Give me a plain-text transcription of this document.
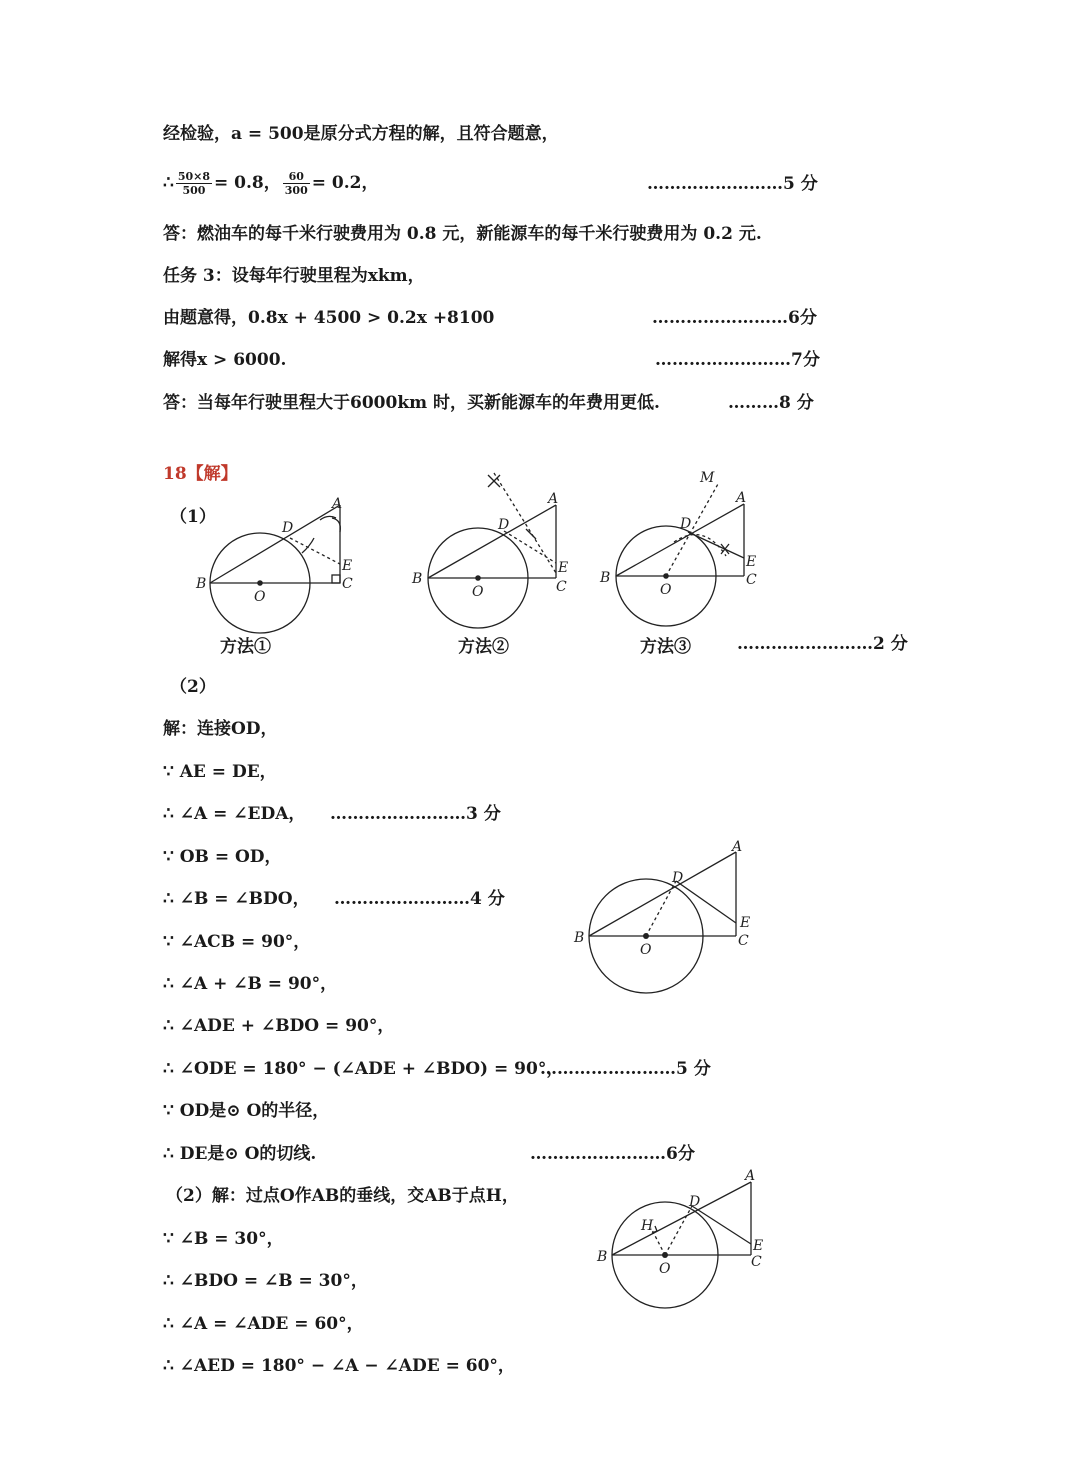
经检验，a = 500是原分式方程的解，且符合题意，
∴ $\frac{50\times 8}{500} = 0.8$， $\frac{60}{300} = 0.2$，	……………………5 分
答：燃油车的每千米行驶费用为 0.8 元，新能源车的每千米行驶费用为 0.2 元.
任务 3：设每年行驶里程为xkm，
由题意得，0.8x + 4500 > 0.2x +8100	……………………6分
解得x > 6000.	……………………7分
答：当每年行驶里程大于6000km 时，买新能源车的年费用更低.	………8 分
18【解】
（1）
B
O
D
A
E
C
方法①
B
O
D
A
E
C
方法②
B
O
D
A
M
E
C
方法③	……………………2 分
（2）
解：连接OD，
∵ AE = DE，
∴ ∠A = ∠EDA， ……………………3 分
∵ OB = OD，
∴ ∠B = ∠BDO， ……………………4 分
∵ ∠ACB = 90°，
∴ ∠A + ∠B = 90°，
∴ ∠ADE + ∠BDO = 90°，
∴ ∠ODE = 180° − (∠ADE + ∠BDO) = 90°，
……………………5 分
∵ OD是⊙ O的半径，
∴ DE是⊙ O的切线.	……………………6分
（2）解：过点O作AB的垂线，交AB于点H，
∵ ∠B = 30°，
∴ ∠BDO = ∠B = 30°，
∴ ∠A = ∠ADE = 60°，
∴ ∠AED = 180° − ∠A − ∠ADE = 60°，
B
O
D
A
E
C
B
O
H
D
A
E
C
